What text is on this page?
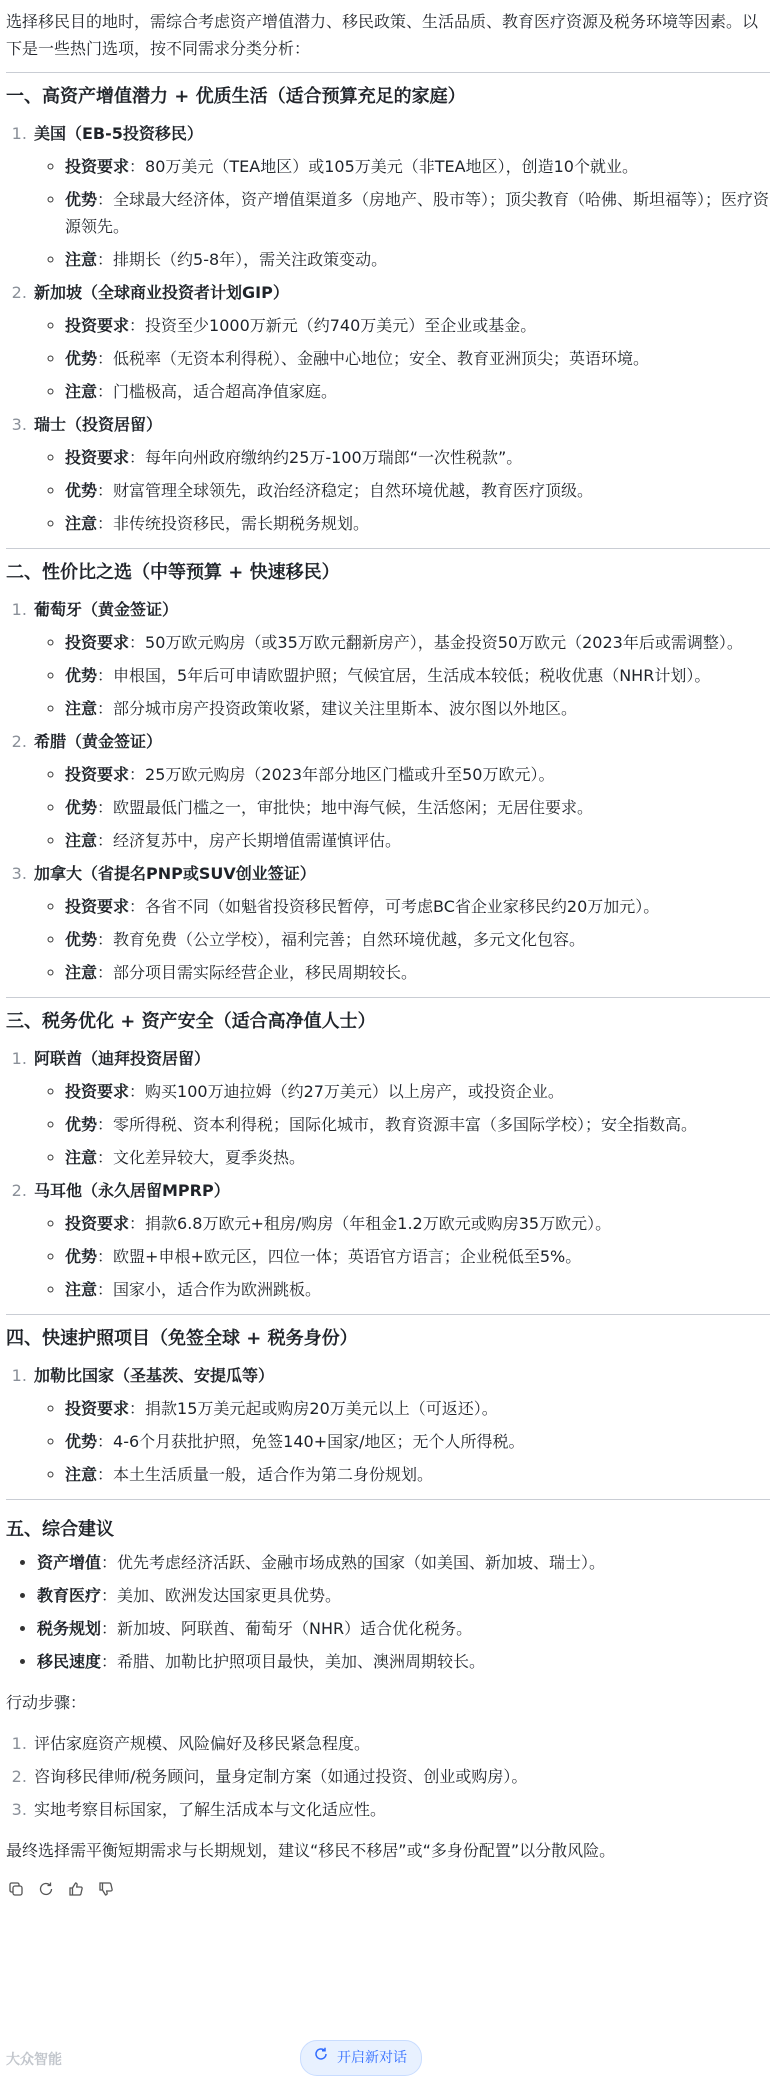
选择移民目的地时，需综合考虑资产增值潜力、移民政策、生活品质、教育医疗资源及税务环境等因素。以下是一些热门选项，按不同需求分类分析：

一、高资产增值潜力 + 优质生活（适合预算充足的家庭）
1. 美国（EB-5投资移民）
◦ 投资要求：80万美元（TEA地区）或105万美元（非TEA地区），创造10个就业。
◦ 优势：全球最大经济体，资产增值渠道多（房地产、股市等）；顶尖教育（哈佛、斯坦福等）；医疗资源领先。
◦ 注意：排期长（约5-8年），需关注政策变动。
2. 新加坡（全球商业投资者计划GIP）
◦ 投资要求：投资至少1000万新元（约740万美元）至企业或基金。
◦ 优势：低税率（无资本利得税）、金融中心地位；安全、教育亚洲顶尖；英语环境。
◦ 注意：门槛极高，适合超高净值家庭。
3. 瑞士（投资居留）
◦ 投资要求：每年向州政府缴纳约25万-100万瑞郎“一次性税款”。
◦ 优势：财富管理全球领先，政治经济稳定；自然环境优越，教育医疗顶级。
◦ 注意：非传统投资移民，需长期税务规划。
二、性价比之选（中等预算 + 快速移民）
1. 葡萄牙（黄金签证）
◦ 投资要求：50万欧元购房（或35万欧元翻新房产），基金投资50万欧元（2023年后或需调整）。
◦ 优势：申根国，5年后可申请欧盟护照；气候宜居，生活成本较低；税收优惠（NHR计划）。
◦ 注意：部分城市房产投资政策收紧，建议关注里斯本、波尔图以外地区。
2. 希腊（黄金签证）
◦ 投资要求：25万欧元购房（2023年部分地区门槛或升至50万欧元）。
◦ 优势：欧盟最低门槛之一，审批快；地中海气候，生活悠闲；无居住要求。
◦ 注意：经济复苏中，房产长期增值需谨慎评估。
3. 加拿大（省提名PNP或SUV创业签证）
◦ 投资要求：各省不同（如魁省投资移民暂停，可考虑BC省企业家移民约20万加元）。
◦ 优势：教育免费（公立学校），福利完善；自然环境优越，多元文化包容。
◦ 注意：部分项目需实际经营企业，移民周期较长。
三、税务优化 + 资产安全（适合高净值人士）
1. 阿联酋（迪拜投资居留）
◦ 投资要求：购买100万迪拉姆（约27万美元）以上房产，或投资企业。
◦ 优势：零所得税、资本利得税；国际化城市，教育资源丰富（多国际学校）；安全指数高。
◦ 注意：文化差异较大，夏季炎热。
2. 马耳他（永久居留MPRP）
◦ 投资要求：捐款6.8万欧元+租房/购房（年租金1.2万欧元或购房35万欧元）。
◦ 优势：欧盟+申根+欧元区，四位一体；英语官方语言；企业税低至5%。
◦ 注意：国家小，适合作为欧洲跳板。
四、快速护照项目（免签全球 + 税务身份）
1. 加勒比国家（圣基茨、安提瓜等）
◦ 投资要求：捐款15万美元起或购房20万美元以上（可返还）。
◦ 优势：4-6个月获批护照，免签140+国家/地区；无个人所得税。
◦ 注意：本土生活质量一般，适合作为第二身份规划。
五、综合建议
• 资产增值：优先考虑经济活跃、金融市场成熟的国家（如美国、新加坡、瑞士）。
• 教育医疗：美加、欧洲发达国家更具优势。
• 税务规划：新加坡、阿联酋、葡萄牙（NHR）适合优化税务。
• 移民速度：希腊、加勒比护照项目最快，美加、澳洲周期较长。

行动步骤：

1. 评估家庭资产规模、风险偏好及移民紧急程度。
2. 咨询移民律师/税务顾问，量身定制方案（如通过投资、创业或购房）。
3. 实地考察目标国家，了解生活成本与文化适应性。

最终选择需平衡短期需求与长期规划，建议“移民不移居”或“多身份配置”以分散风险。

开启新对话
大众智能
